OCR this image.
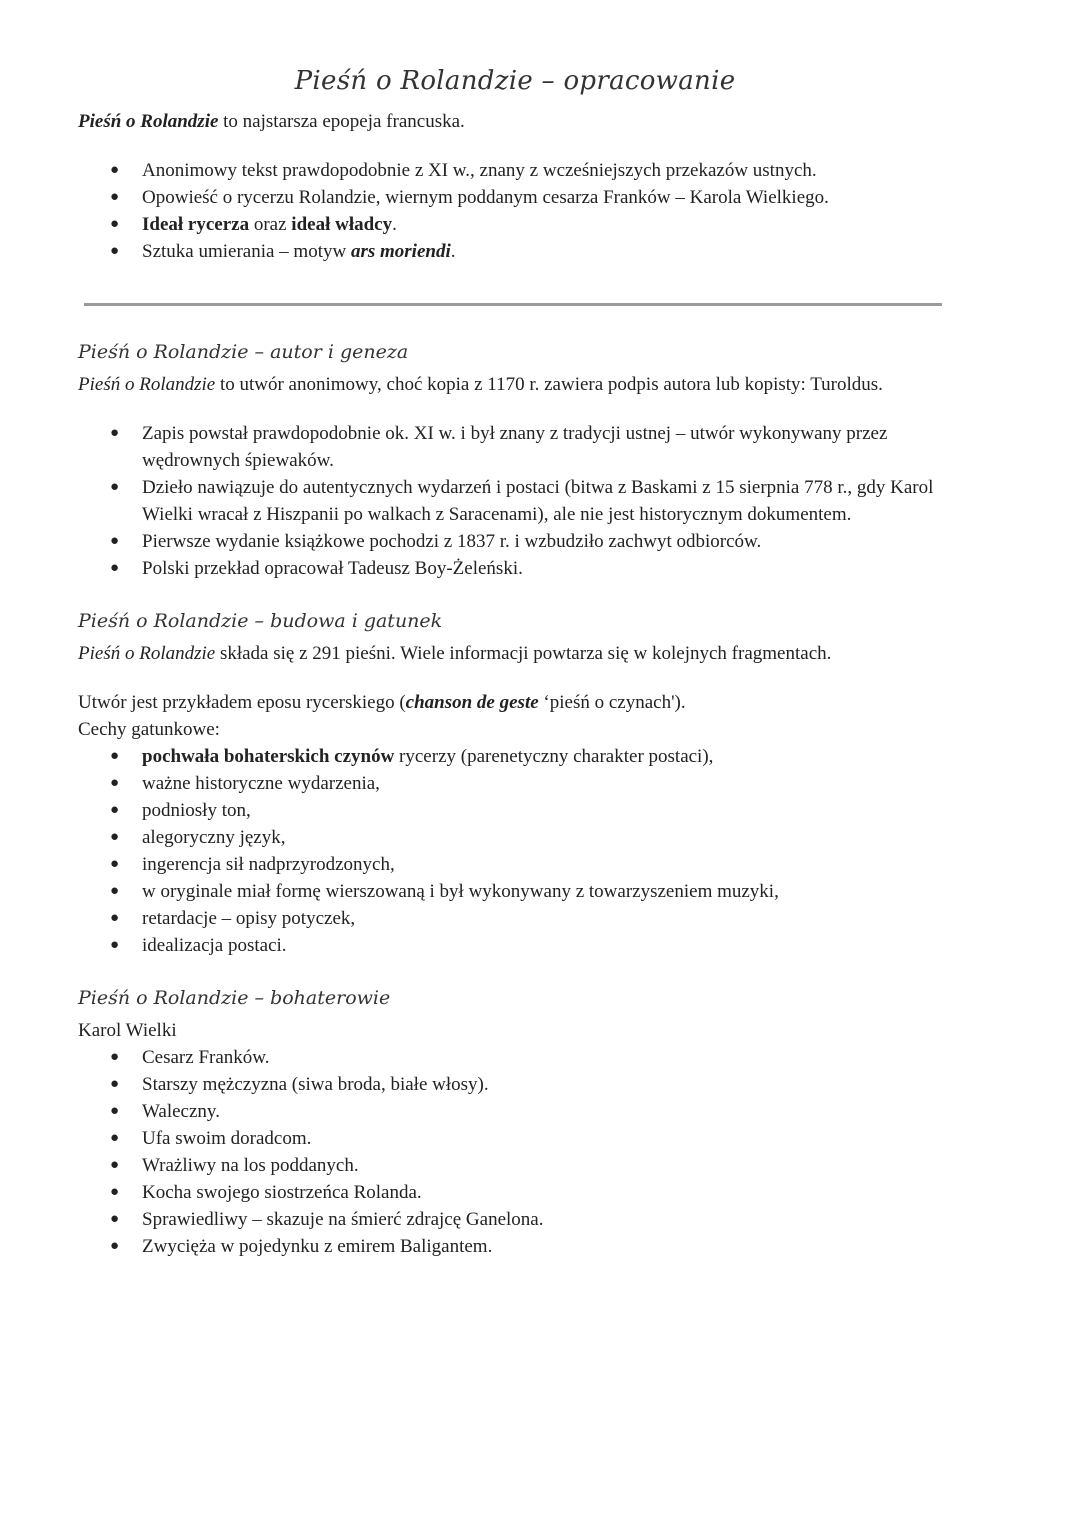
Pieśń o Rolandzie – opracowanie
Pieśń o Rolandzie to najstarsza epopeja francuska.
● Anonimowy tekst prawdopodobnie z XI w., znany z wcześniejszych przekazów ustnych.
● Opowieść o rycerzu Rolandzie, wiernym poddanym cesarza Franków – Karola Wielkiego.
● Ideał rycerza oraz ideał władcy.
● Sztuka umierania – motyw ars moriendi.
Pieśń o Rolandzie – autor i geneza
Pieśń o Rolandzie to utwór anonimowy, choć kopia z 1170 r. zawiera podpis autora lub kopisty: Turoldus.
● Zapis powstał prawdopodobnie ok. XI w. i był znany z tradycji ustnej – utwór wykonywany przez wędrownych śpiewaków.
● Dzieło nawiązuje do autentycznych wydarzeń i postaci (bitwa z Baskami z 15 sierpnia 778 r., gdy Karol Wielki wracał z Hiszpanii po walkach z Saracenami), ale nie jest historycznym dokumentem.
● Pierwsze wydanie książkowe pochodzi z 1837 r. i wzbudziło zachwyt odbiorców.
● Polski przekład opracował Tadeusz Boy-Żeleński.
Pieśń o Rolandzie – budowa i gatunek
Pieśń o Rolandzie składa się z 291 pieśni. Wiele informacji powtarza się w kolejnych fragmentach.
Utwór jest przykładem eposu rycerskiego (chanson de geste ‘pieśń o czynach').
Cechy gatunkowe:
● pochwała bohaterskich czynów rycerzy (parenetyczny charakter postaci),
● ważne historyczne wydarzenia,
● podniosły ton,
● alegoryczny język,
● ingerencja sił nadprzyrodzonych,
● w oryginale miał formę wierszowaną i był wykonywany z towarzyszeniem muzyki,
● retardacje – opisy potyczek,
● idealizacja postaci.
Pieśń o Rolandzie – bohaterowie
Karol Wielki
● Cesarz Franków.
● Starszy mężczyzna (siwa broda, białe włosy).
● Waleczny.
● Ufa swoim doradcom.
● Wrażliwy na los poddanych.
● Kocha swojego siostrzeńca Rolanda.
● Sprawiedliwy – skazuje na śmierć zdrajcę Ganelona.
● Zwycięża w pojedynku z emirem Baligantem.
